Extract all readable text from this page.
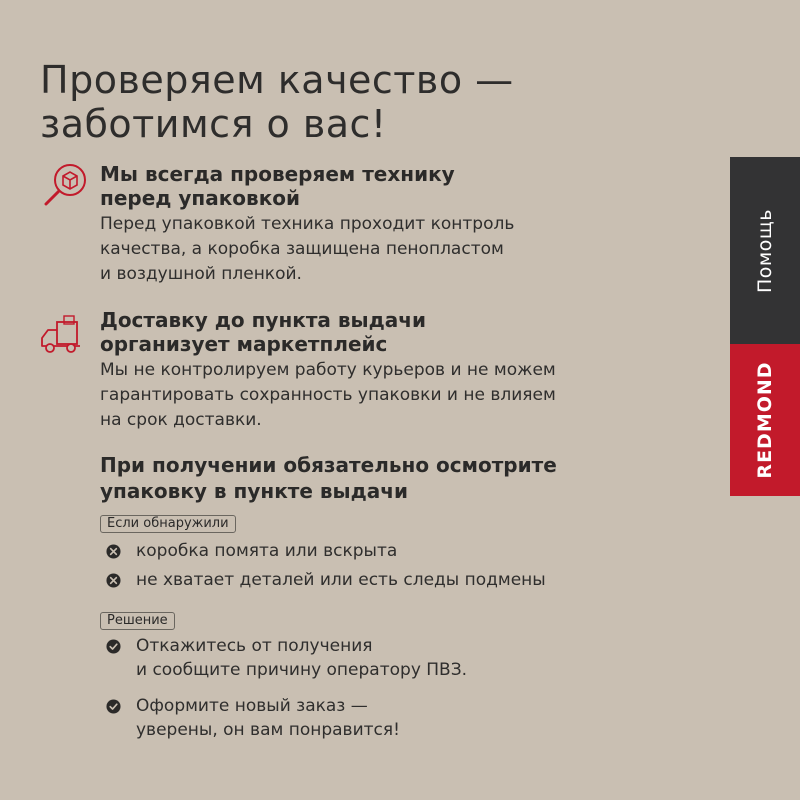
Проверяем качество —
заботимся о вас!
Мы всегда проверяем технику
перед упаковкой
Перед упаковкой техника проходит контроль
качества, а коробка защищена пенопластом
и воздушной пленкой.
Доставку до пункта выдачи
организует маркетплейс
Мы не контролируем работу курьеров и не можем
гарантировать сохранность упаковки и не влияем
на срок доставки.
При получении обязательно осмотрите
упаковку в пункте выдачи
Если обнаружили
коробка помята или вскрыта
не хватает деталей или есть следы подмены
Решение
Откажитесь от получения
и сообщите причину оператору ПВЗ.
Оформите новый заказ —
уверены, он вам понравится!
Помощь
REDMOND
